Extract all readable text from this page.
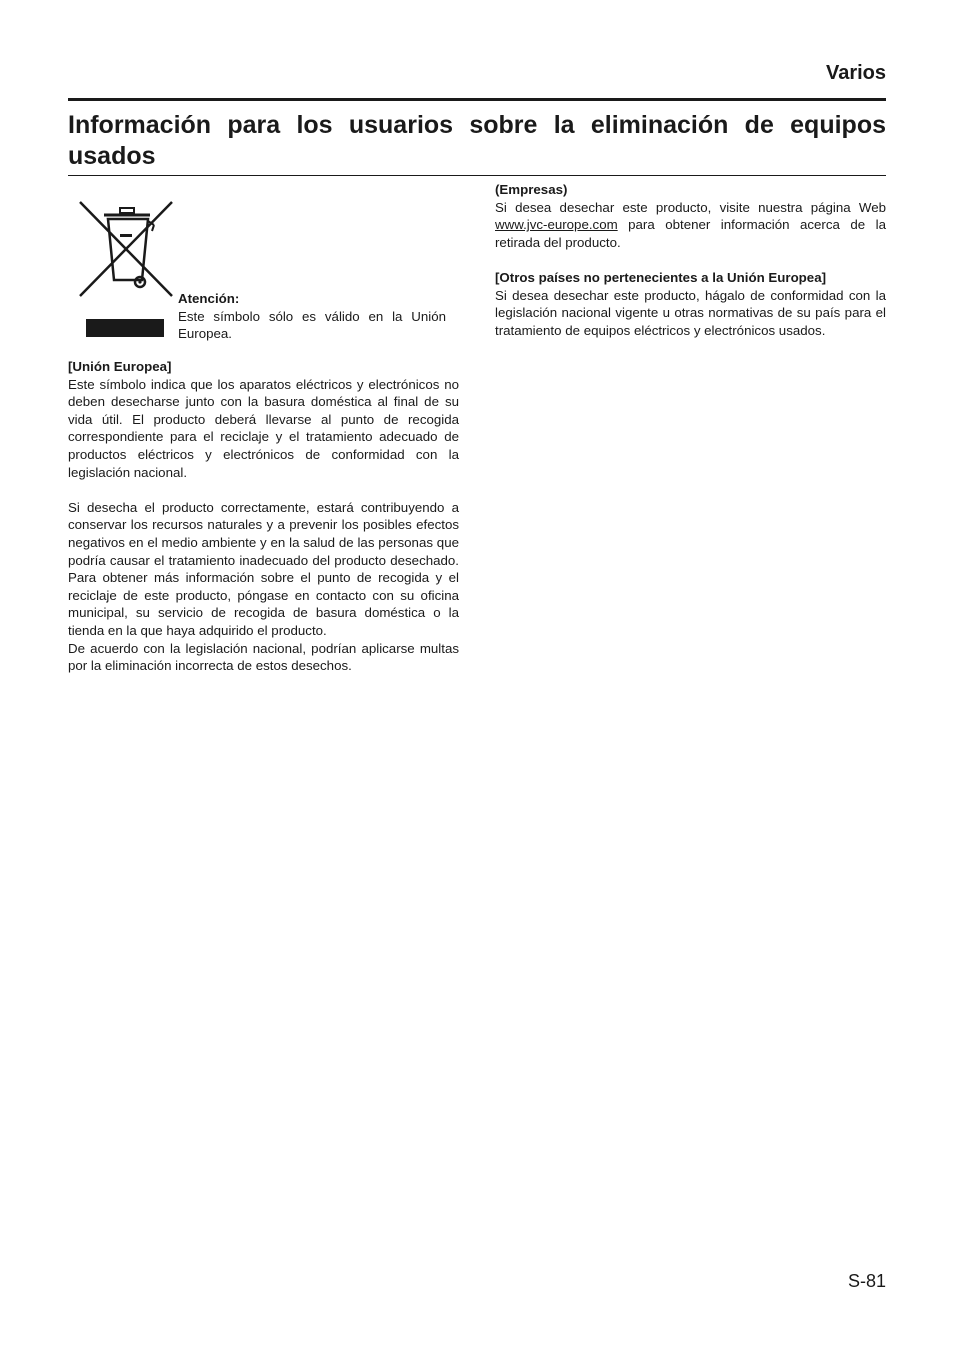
Varios
Información para los usuarios sobre la eliminación de equipos usados
Atención:

Este símbolo sólo es válido en la Unión Europea.

[Unión Europea]

Este símbolo indica que los aparatos eléctricos y electrónicos no deben desecharse junto con la basura doméstica al final de su vida útil. El producto deberá llevarse al punto de recogida correspondiente para el reciclaje y el tratamiento adecuado de productos eléctricos y electrónicos de conformidad con la legislación nacional.

Si desecha el producto correctamente, estará contribuyendo a conservar los recursos naturales y a prevenir los posibles efectos negativos en el medio ambiente y en la salud de las personas que podría causar el tratamiento inadecuado del producto desechado. Para obtener más información sobre el punto de recogida y el reciclaje de este producto, póngase en contacto con su oficina municipal, su servicio de recogida de basura doméstica o la tienda en la que haya adquirido el producto.

De acuerdo con la legislación nacional, podrían aplicarse multas por la eliminación incorrecta de estos desechos.

(Empresas)

Si desea desechar este producto, visite nuestra página Web www.jvc-europe.com para obtener información acerca de la retirada del producto.

[Otros países no pertenecientes a la Unión Europea]

Si desea desechar este producto, hágalo de conformidad con la legislación nacional vigente u otras normativas de su país para el tratamiento de equipos eléctricos y electrónicos usados.

S-81
